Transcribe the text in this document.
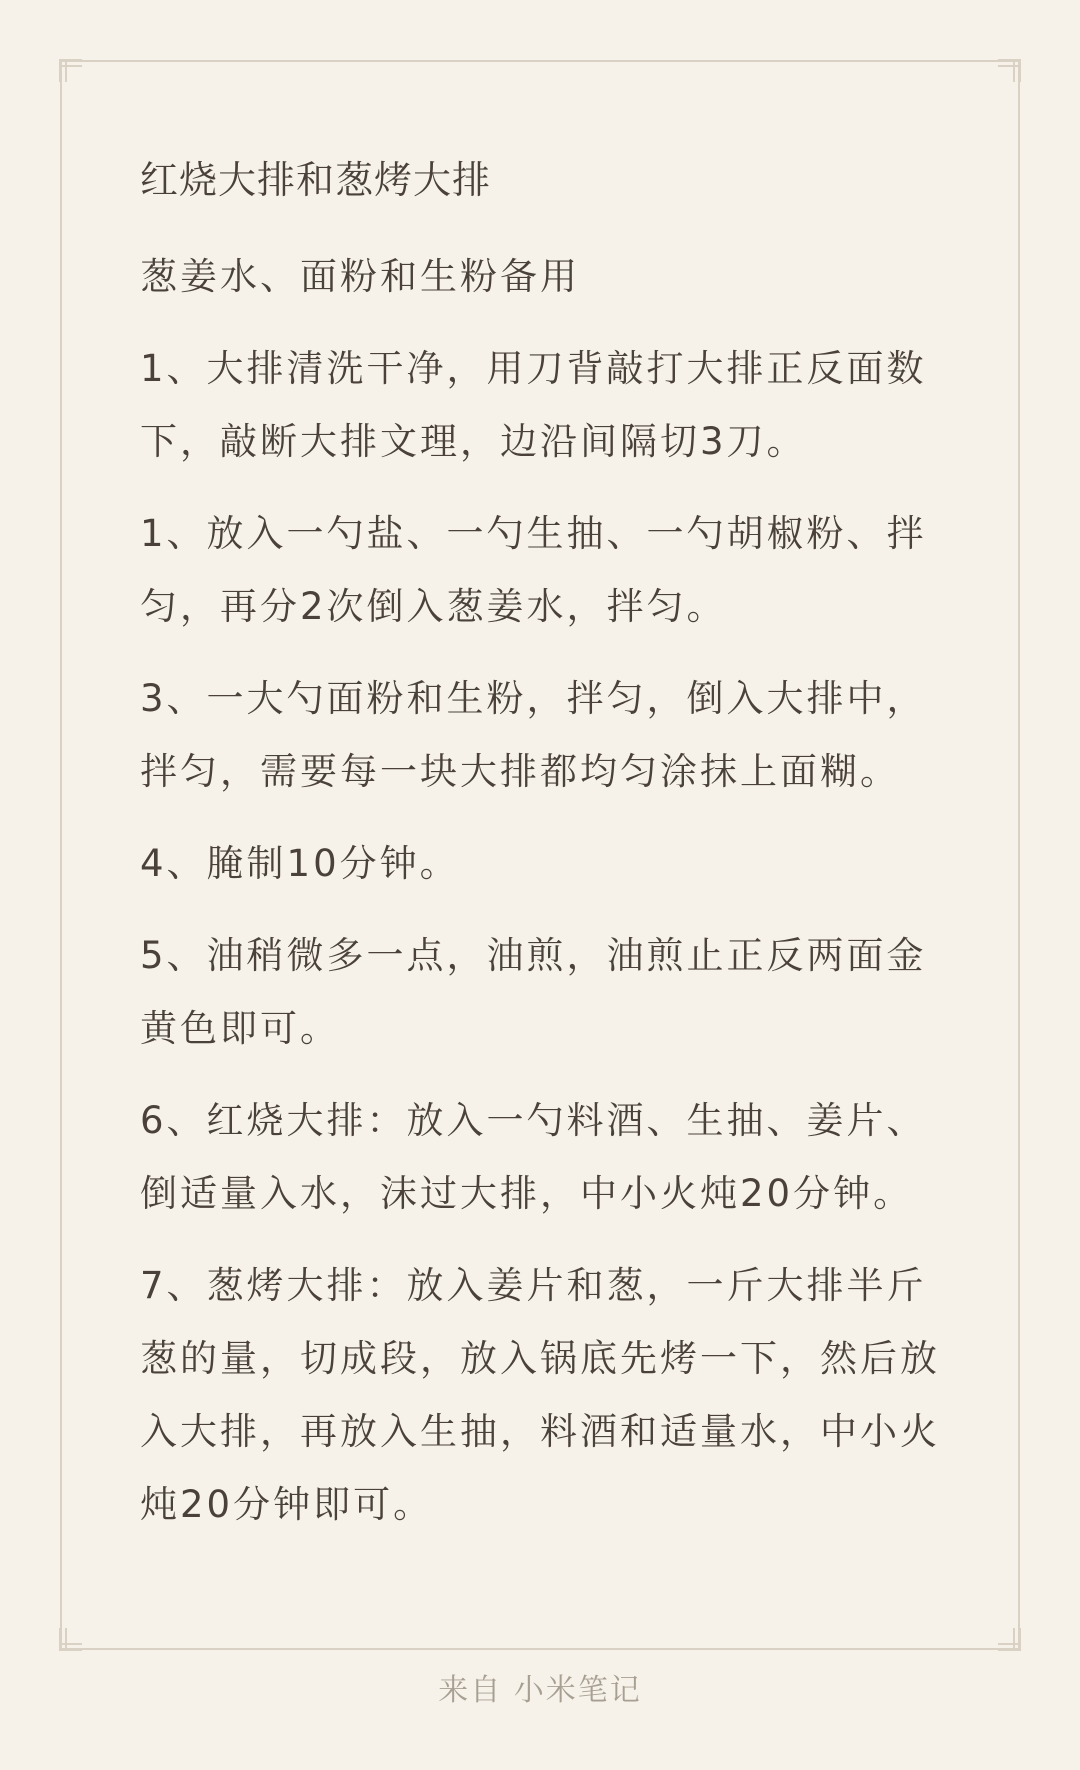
红烧大排和葱烤大排

葱姜水、面粉和生粉备用

1、大排清洗干净，用刀背敲打大排正反面数下，敲断大排文理，边沿间隔切3刀。

1、放入一勺盐、一勺生抽、一勺胡椒粉、拌匀，再分2次倒入葱姜水，拌匀。

3、一大勺面粉和生粉，拌匀，倒入大排中，拌匀，需要每一块大排都均匀涂抹上面糊。

4、腌制10分钟。

5、油稍微多一点，油煎，油煎止正反两面金黄色即可。

6、红烧大排：放入一勺料酒、生抽、姜片、倒适量入水，沫过大排，中小火炖20分钟。

7、葱烤大排：放入姜片和葱，一斤大排半斤葱的量，切成段，放入锅底先烤一下，然后放入大排，再放入生抽，料酒和适量水，中小火炖20分钟即可。

来自 小米笔记
